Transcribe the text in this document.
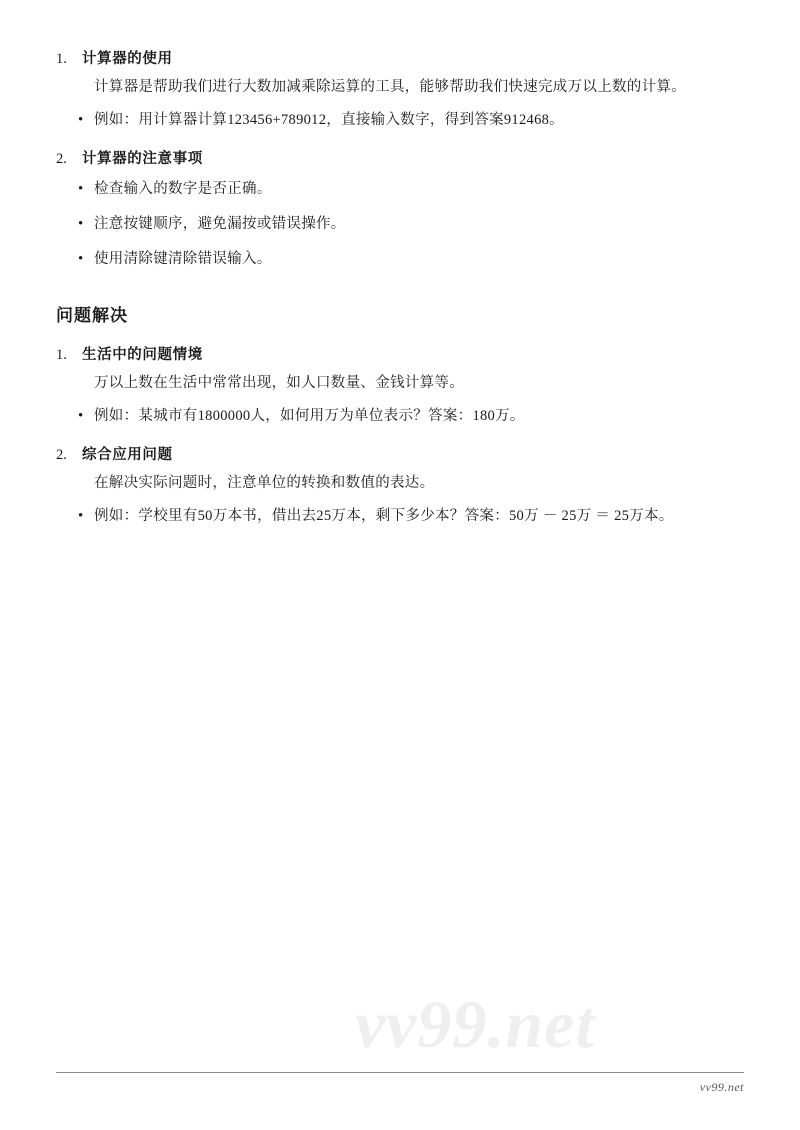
vv99.net
1.	计算器的使用
计算器是帮助我们进行大数加减乘除运算的工具，能够帮助我们快速完成万以上数的计算。
• 例如：用计算器计算123456+789012，直接输入数字，得到答案912468。
2.	计算器的注意事项
• 检查输入的数字是否正确。
• 注意按键顺序，避免漏按或错误操作。
• 使用清除键清除错误输入。
问题解决
1.	生活中的问题情境
万以上数在生活中常常出现，如人口数量、金钱计算等。
• 例如：某城市有1800000人，如何用万为单位表示？答案：180万。
2.	综合应用问题
在解决实际问题时，注意单位的转换和数值的表达。
• 例如：学校里有50万本书，借出去25万本，剩下多少本？答案：50万 － 25万 ＝ 25万本。
vv99.net
